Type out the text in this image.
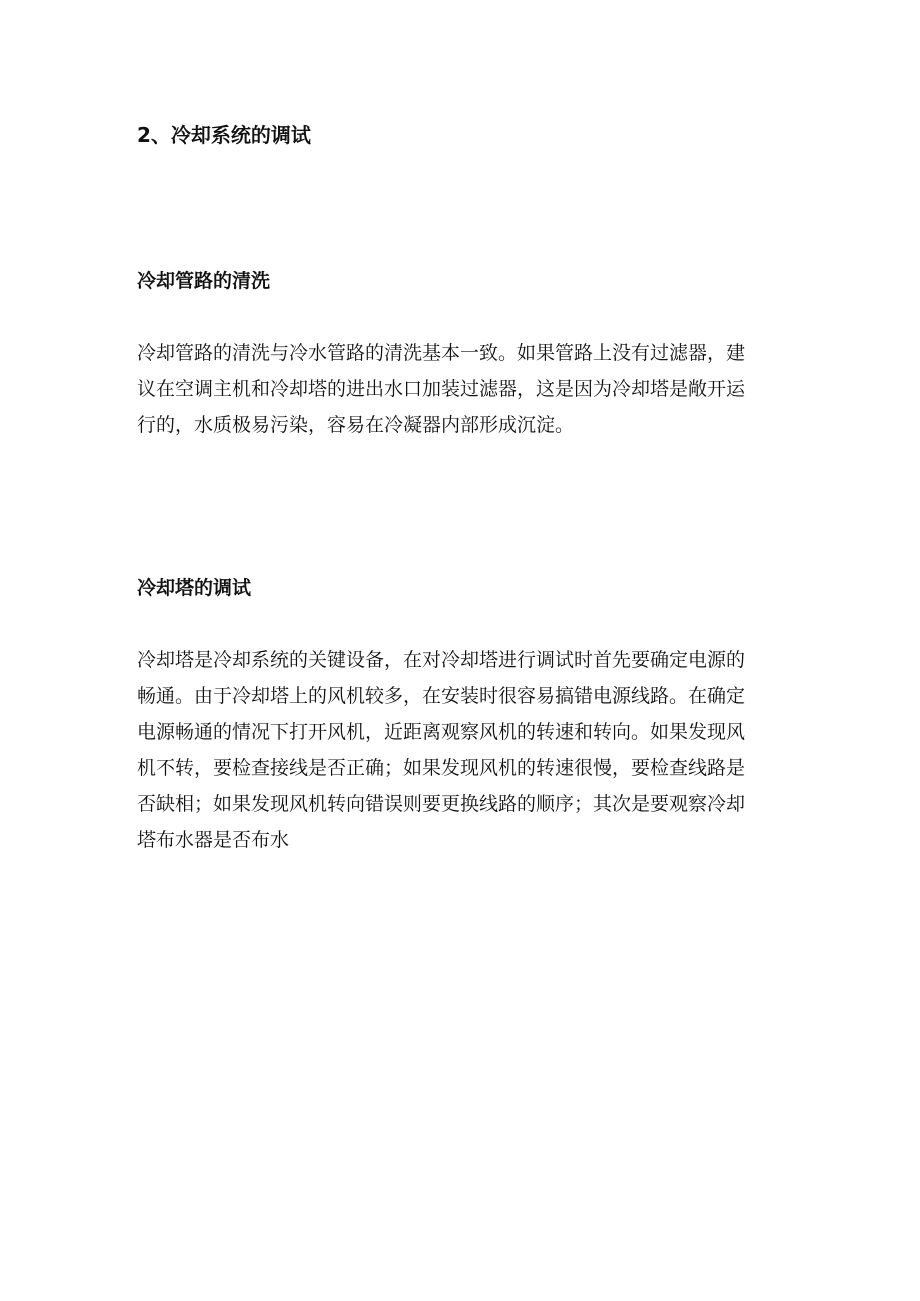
2、冷却系统的调试
冷却管路的清洗

冷却管路的清洗与冷水管路的清洗基本一致。如果管路上没有过滤器，建
议在空调主机和冷却塔的进出水口加装过滤器，这是因为冷却塔是敞开运
行的，水质极易污染，容易在冷凝器内部形成沉淀。

冷却塔的调试

冷却塔是冷却系统的关键设备，在对冷却塔进行调试时首先要确定电源的
畅通。由于冷却塔上的风机较多，在安装时很容易搞错电源线路。在确定
电源畅通的情况下打开风机，近距离观察风机的转速和转向。如果发现风
机不转，要检查接线是否正确；如果发现风机的转速很慢，要检查线路是
否缺相；如果发现风机转向错误则要更换线路的顺序；其次是要观察冷却
塔布水器是否布水
